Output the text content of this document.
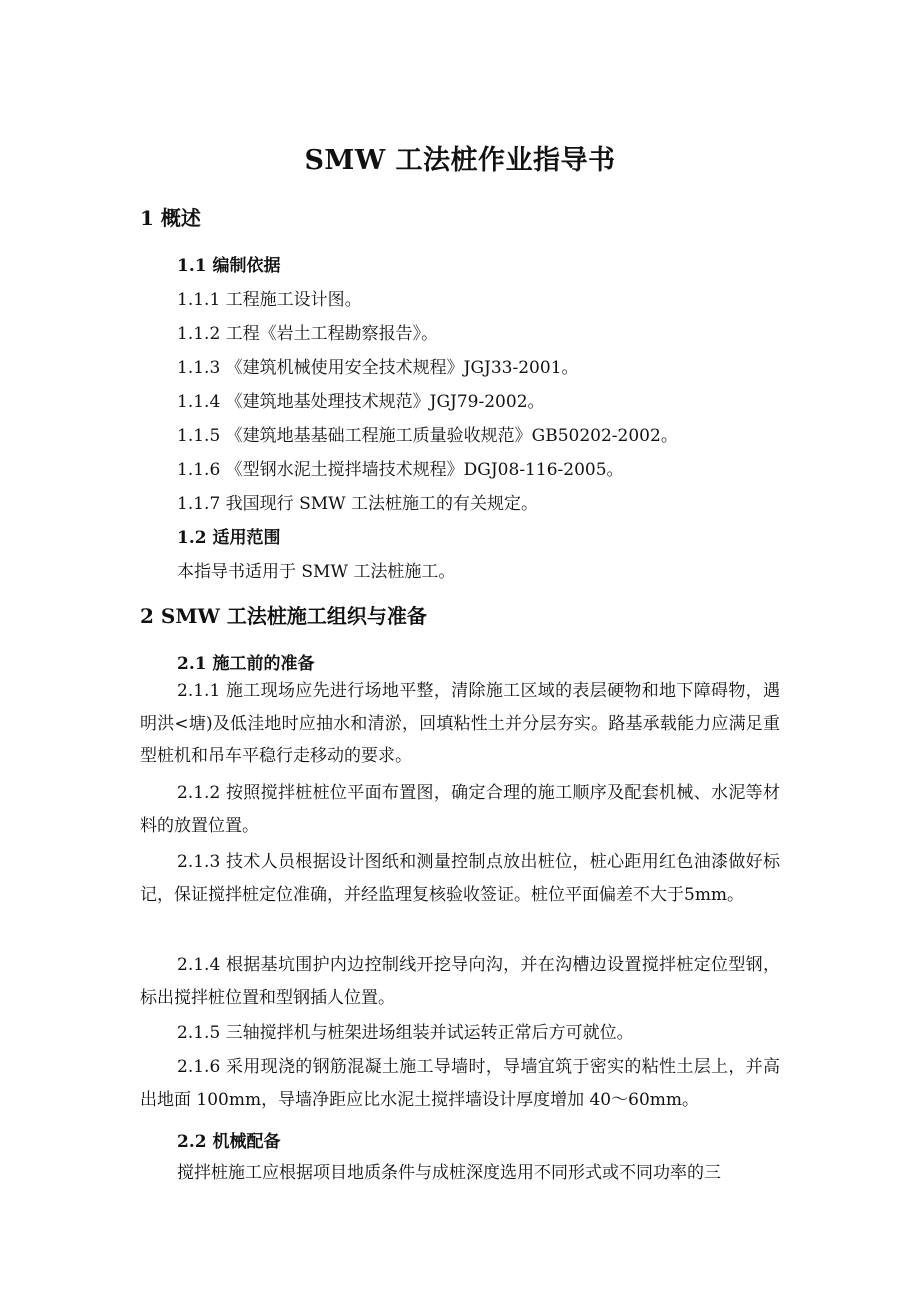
SMW 工法桩作业指导书
1 概述
1.1 编制依据
1.1.1 工程施工设计图。
1.1.2 工程《岩土工程勘察报告》。
1.1.3 《建筑机械使用安全技术规程》JGJ33-2001。
1.1.4 《建筑地基处理技术规范》JGJ79-2002。
1.1.5 《建筑地基基础工程施工质量验收规范》GB50202-2002。
1.1.6 《型钢水泥土搅拌墙技术规程》DGJ08-116-2005。
1.1.7 我国现行 SMW 工法桩施工的有关规定。
1.2 适用范围
本指导书适用于 SMW 工法桩施工。
2 SMW 工法桩施工组织与准备
2.1 施工前的准备
2.1.1 施工现场应先进行场地平整，清除施工区域的表层硬物和地下障碍物，遇明洪<塘)及低洼地时应抽水和清淤，回填粘性土并分层夯实。路基承载能力应满足重型桩机和吊车平稳行走移动的要求。
2.1.2 按照搅拌桩桩位平面布置图，确定合理的施工顺序及配套机械、水泥等材料的放置位置。
2.1.3 技术人员根据设计图纸和测量控制点放出桩位，桩心距用红色油漆做好标记，保证搅拌桩定位准确，并经监理复核验收签证。桩位平面偏差不大于5mm。
2.1.4 根据基坑围护内边控制线开挖导向沟，并在沟槽边设置搅拌桩定位型钢，标出搅拌桩位置和型钢插人位置。
2.1.5 三轴搅拌机与桩架进场组装并试运转正常后方可就位。
2.1.6 采用现浇的钢筋混凝土施工导墙时，导墙宜筑于密实的粘性土层上，并高出地面 100mm，导墙净距应比水泥土搅拌墙设计厚度增加 40～60mm。
2.2 机械配备
搅拌桩施工应根据项目地质条件与成桩深度选用不同形式或不同功率的三
